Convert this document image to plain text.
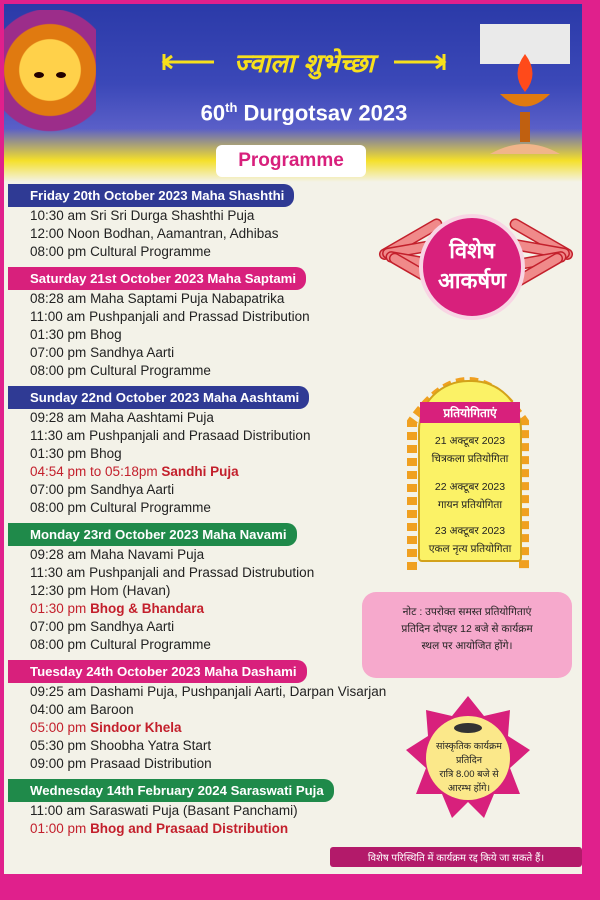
ज्वाला शुभेच्छा
60th Durgotsav 2023
Programme
Friday 20th October 2023 Maha Shashthi
10:30 am Sri Sri Durga Shashthi Puja
12:00 Noon Bodhan, Aamantran, Adhibas
08:00 pm Cultural Programme
Saturday 21st October 2023 Maha Saptami
08:28 am Maha Saptami Puja Nabapatrika
11:00 am Pushpanjali and Prassad Distribution
01:30 pm Bhog
07:00 pm Sandhya Aarti
08:00 pm Cultural Programme
Sunday 22nd October 2023 Maha Aashtami
09:28 am Maha Aashtami Puja
11:30 am Pushpanjali and Prasaad Distribution
01:30 pm Bhog
04:54 pm to 05:18pm Sandhi Puja
07:00 pm Sandhya Aarti
08:00 pm Cultural Programme
Monday 23rd October 2023 Maha Navami
09:28 am Maha Navami Puja
11:30 am Pushpanjali and Prassad Distrubution
12:30 pm Hom (Havan)
01:30 pm Bhog & Bhandara
07:00 pm Sandhya Aarti
08:00 pm Cultural Programme
Tuesday 24th October 2023 Maha Dashami
09:25 am Dashami Puja, Pushpanjali Aarti, Darpan Visarjan
04:00 am Baroon
05:00 pm Sindoor Khela
05:30 pm Shoobha Yatra Start
09:00 pm Prasaad Distribution
Wednesday 14th February 2024 Saraswati Puja
11:00 am Saraswati Puja (Basant Panchami)
01:00 pm Bhog and Prasaad Distribution
विशेष
आकर्षण
प्रतियोगिताएं
21 अक्टूबर 2023
चित्रकला प्रतियोगिता
22 अक्टूबर 2023
गायन प्रतियोगिता
23 अक्टूबर 2023
एकल नृत्य प्रतियोगिता
नोट : उपरोक्त समस्त प्रतियोगिताएं
प्रतिदिन दोपहर 12 बजे से कार्यक्रम
स्थल पर आयोजित होंगे।
सांस्कृतिक कार्यक्रम
प्रतिदिन
रात्रि 8.00 बजे से
आरम्भ होंगे।
विशेष परिस्थिति में कार्यक्रम रद्द किये जा सकते हैं।
